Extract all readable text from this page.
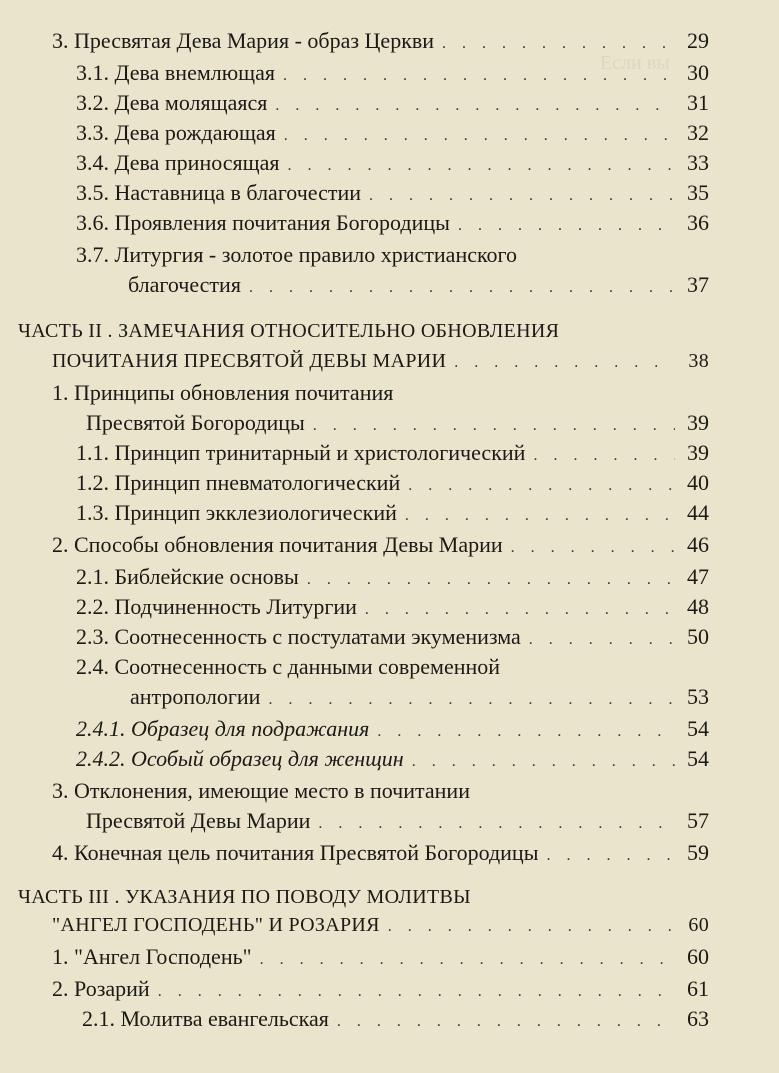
Если вы
3. Пресвятая Дева Мария - образ Церкви . . .	29
3.1. Дева внемлющая . . .	30
3.2. Дева молящаяся . . .	31
3.3. Дева рождающая . . .	32
3.4. Дева приносящая . . .	33
3.5. Наставница в благочестии . . .	35
3.6. Проявления почитания Богородицы . . .	36
3.7. Литургия - золотое правило христианского
благочестия . . .	37
ЧАСТЬ II . ЗАМЕЧАНИЯ ОТНОСИТЕЛЬНО ОБНОВЛЕНИЯ
ПОЧИТАНИЯ ПРЕСВЯТОЙ ДЕВЫ МАРИИ . . .	38
1. Принципы обновления почитания
Пресвятой Богородицы . . .	39
1.1. Принцип тринитарный и христологический . . .	39
1.2. Принцип пневматологический . . .	40
1.3. Принцип экклезиологический . . .	44
2. Способы обновления почитания Девы Марии . . .	46
2.1. Библейские основы . . .	47
2.2. Подчиненность Литургии . . .	48
2.3. Соотнесенность с постулатами экуменизма . . .	50
2.4. Соотнесенность с данными современной
антропологии . . .	53
2.4.1. Образец для подражания . . .	54
2.4.2. Особый образец для женщин . . .	54
3. Отклонения, имеющие место в почитании
Пресвятой Девы Марии . . .	57
4. Конечная цель почитания Пресвятой Богородицы . . .	59
ЧАСТЬ III . УКАЗАНИЯ ПО ПОВОДУ МОЛИТВЫ
"АНГЕЛ ГОСПОДЕНЬ" И РОЗАРИЯ . . .	60
1. "Ангел Господень" . . .	60
2. Розарий . . .	61
2.1. Молитва евангельская . . .	63
